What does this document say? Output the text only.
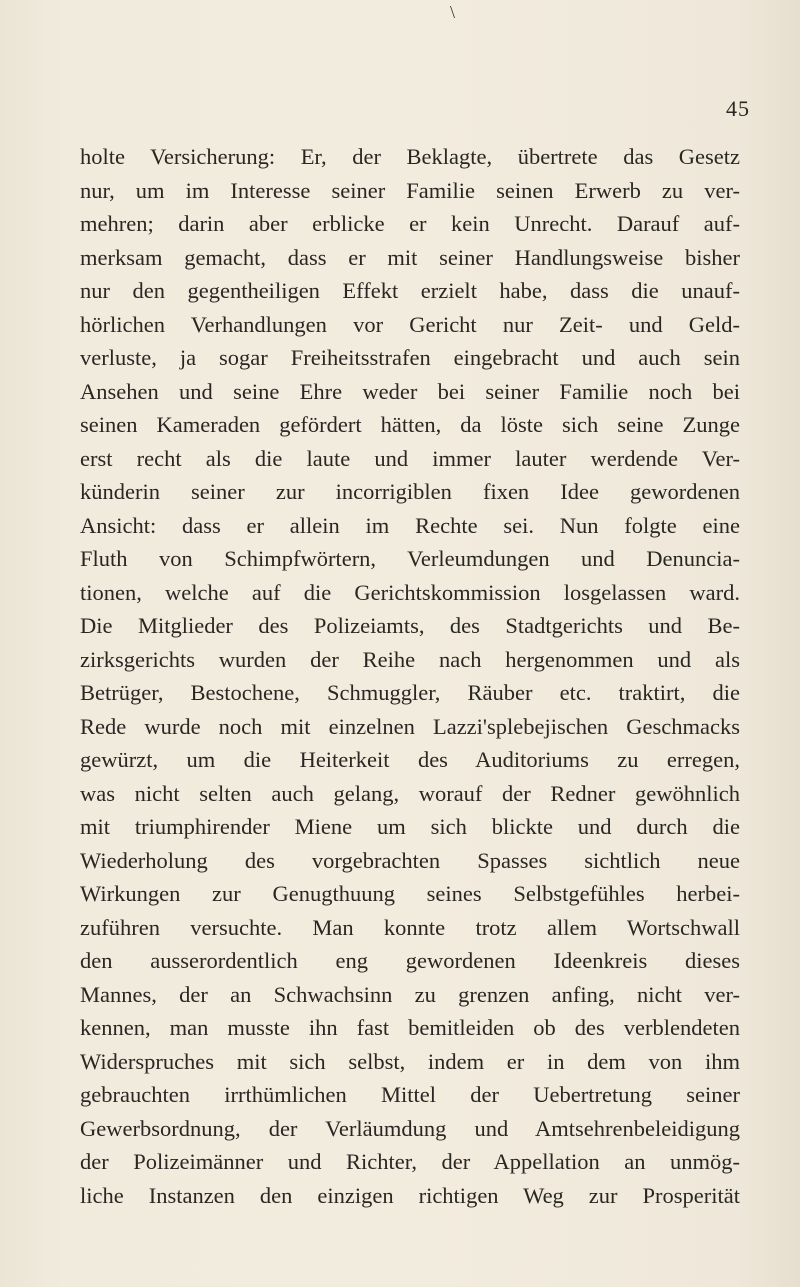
\
45
holte Versicherung: Er, der Beklagte, übertrete das Gesetz
nur, um im Interesse seiner Familie seinen Erwerb zu ver-
mehren; darin aber erblicke er kein Unrecht. Darauf auf-
merksam gemacht, dass er mit seiner Handlungsweise bisher
nur den gegentheiligen Effekt erzielt habe, dass die unauf-
hörlichen Verhandlungen vor Gericht nur Zeit- und Geld-
verluste, ja sogar Freiheitsstrafen eingebracht und auch sein
Ansehen und seine Ehre weder bei seiner Familie noch bei
seinen Kameraden gefördert hätten, da löste sich seine Zunge
erst recht als die laute und immer lauter werdende Ver-
künderin seiner zur incorrigiblen fixen Idee gewordenen
Ansicht: dass er allein im Rechte sei. Nun folgte eine
Fluth von Schimpfwörtern, Verleumdungen und Denuncia-
tionen, welche auf die Gerichtskommission losgelassen ward.
Die Mitglieder des Polizeiamts, des Stadtgerichts und Be-
zirksgerichts wurden der Reihe nach hergenommen und als
Betrüger, Bestochene, Schmuggler, Räuber etc. traktirt, die
Rede wurde noch mit einzelnen Lazzi'splebejischen Geschmacks
gewürzt, um die Heiterkeit des Auditoriums zu erregen,
was nicht selten auch gelang, worauf der Redner gewöhnlich
mit triumphirender Miene um sich blickte und durch die
Wiederholung des vorgebrachten Spasses sichtlich neue
Wirkungen zur Genugthuung seines Selbstgefühles herbei-
zuführen versuchte. Man konnte trotz allem Wortschwall
den ausserordentlich eng gewordenen Ideenkreis dieses
Mannes, der an Schwachsinn zu grenzen anfing, nicht ver-
kennen, man musste ihn fast bemitleiden ob des verblendeten
Widerspruches mit sich selbst, indem er in dem von ihm
gebrauchten irrthümlichen Mittel der Uebertretung seiner
Gewerbsordnung, der Verläumdung und Amtsehrenbeleidigung
der Polizeimänner und Richter, der Appellation an unmög-
liche Instanzen den einzigen richtigen Weg zur Prosperität
